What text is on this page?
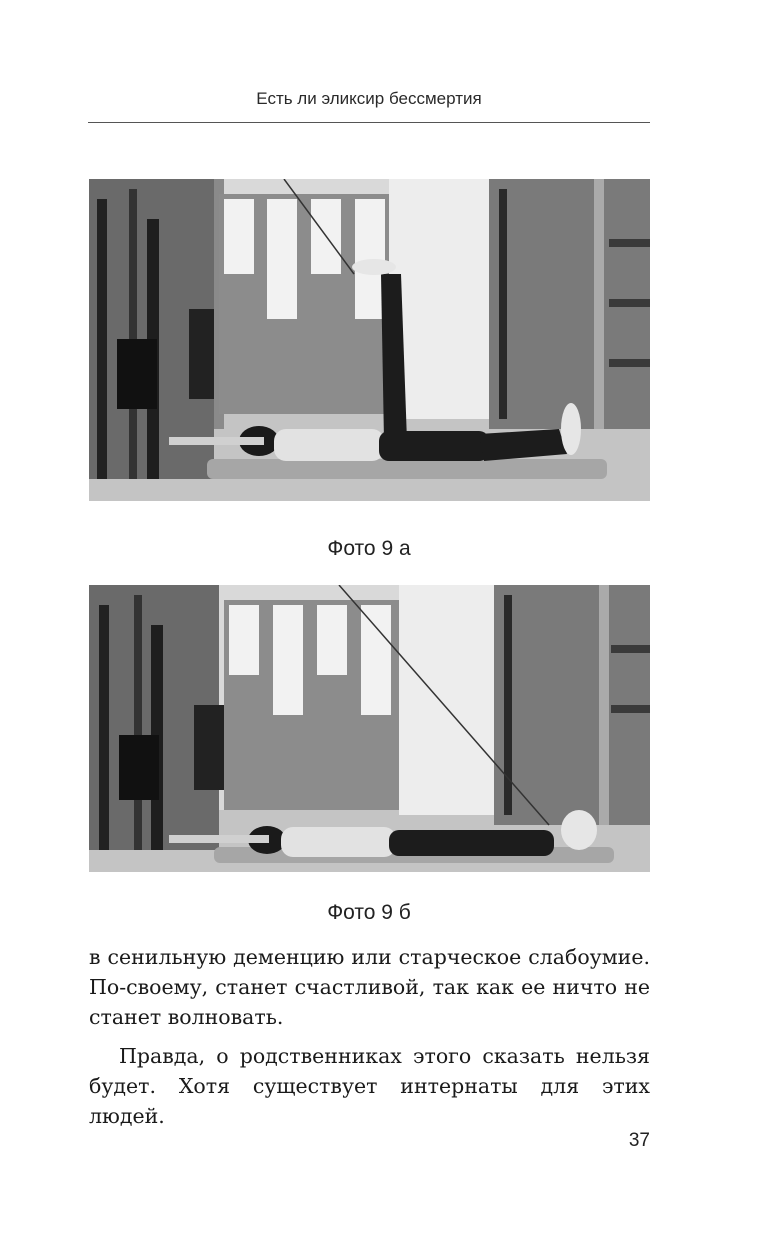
Есть ли эликсир бессмертия
Фото 9 а
Фото 9 б

в сенильную деменцию или старческое слабоумие. По-своему, станет счастливой, так как ее ничто не станет волновать.

Правда, о родственниках этого сказать нельзя будет. Хотя существует интернаты для этих людей.

37
